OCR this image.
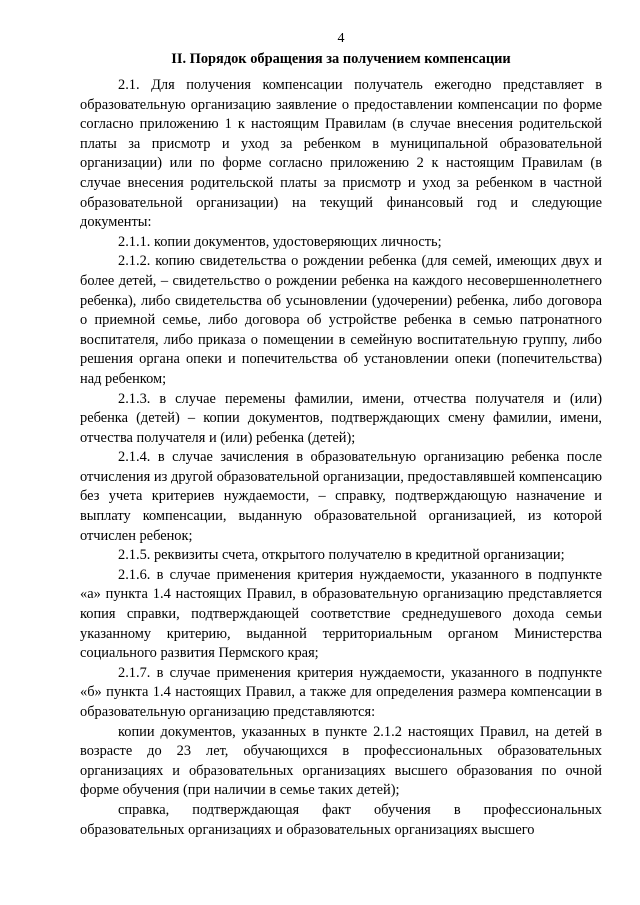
4
II. Порядок обращения за получением компенсации

2.1. Для получения компенсации получатель ежегодно представляет в образовательную организацию заявление о предоставлении компенсации по форме согласно приложению 1 к настоящим Правилам (в случае внесения родительской платы за присмотр и уход за ребенком в муниципальной образовательной организации) или по форме согласно приложению 2 к настоящим Правилам (в случае внесения родительской платы за присмотр и уход за ребенком в частной образовательной организации) на текущий финансовый год и следующие документы:

2.1.1. копии документов, удостоверяющих личность;

2.1.2. копию свидетельства о рождении ребенка (для семей, имеющих двух и более детей, – свидетельство о рождении ребенка на каждого несовершеннолетнего ребенка), либо свидетельства об усыновлении (удочерении) ребенка, либо договора о приемной семье, либо договора об устройстве ребенка в семью патронатного воспитателя, либо приказа о помещении в семейную воспитательную группу, либо решения органа опеки и попечительства об установлении опеки (попечительства) над ребенком;

2.1.3. в случае перемены фамилии, имени, отчества получателя и (или) ребенка (детей) – копии документов, подтверждающих смену фамилии, имени, отчества получателя и (или) ребенка (детей);

2.1.4. в случае зачисления в образовательную организацию ребенка после отчисления из другой образовательной организации, предоставлявшей компенсацию без учета критериев нуждаемости, – справку, подтверждающую назначение и выплату компенсации, выданную образовательной организацией, из которой отчислен ребенок;

2.1.5. реквизиты счета, открытого получателю в кредитной организации;

2.1.6. в случае применения критерия нуждаемости, указанного в подпункте «а» пункта 1.4 настоящих Правил, в образовательную организацию представляется копия справки, подтверждающей соответствие среднедушевого дохода семьи указанному критерию, выданной территориальным органом Министерства социального развития Пермского края;

2.1.7. в случае применения критерия нуждаемости, указанного в подпункте «б» пункта 1.4 настоящих Правил, а также для определения размера компенсации в образовательную организацию представляются:

копии документов, указанных в пункте 2.1.2 настоящих Правил, на детей в возрасте до 23 лет, обучающихся в профессиональных образовательных организациях и образовательных организациях высшего образования по очной форме обучения (при наличии в семье таких детей);

справка, подтверждающая факт обучения в профессиональных образовательных организациях и образовательных организациях высшего
